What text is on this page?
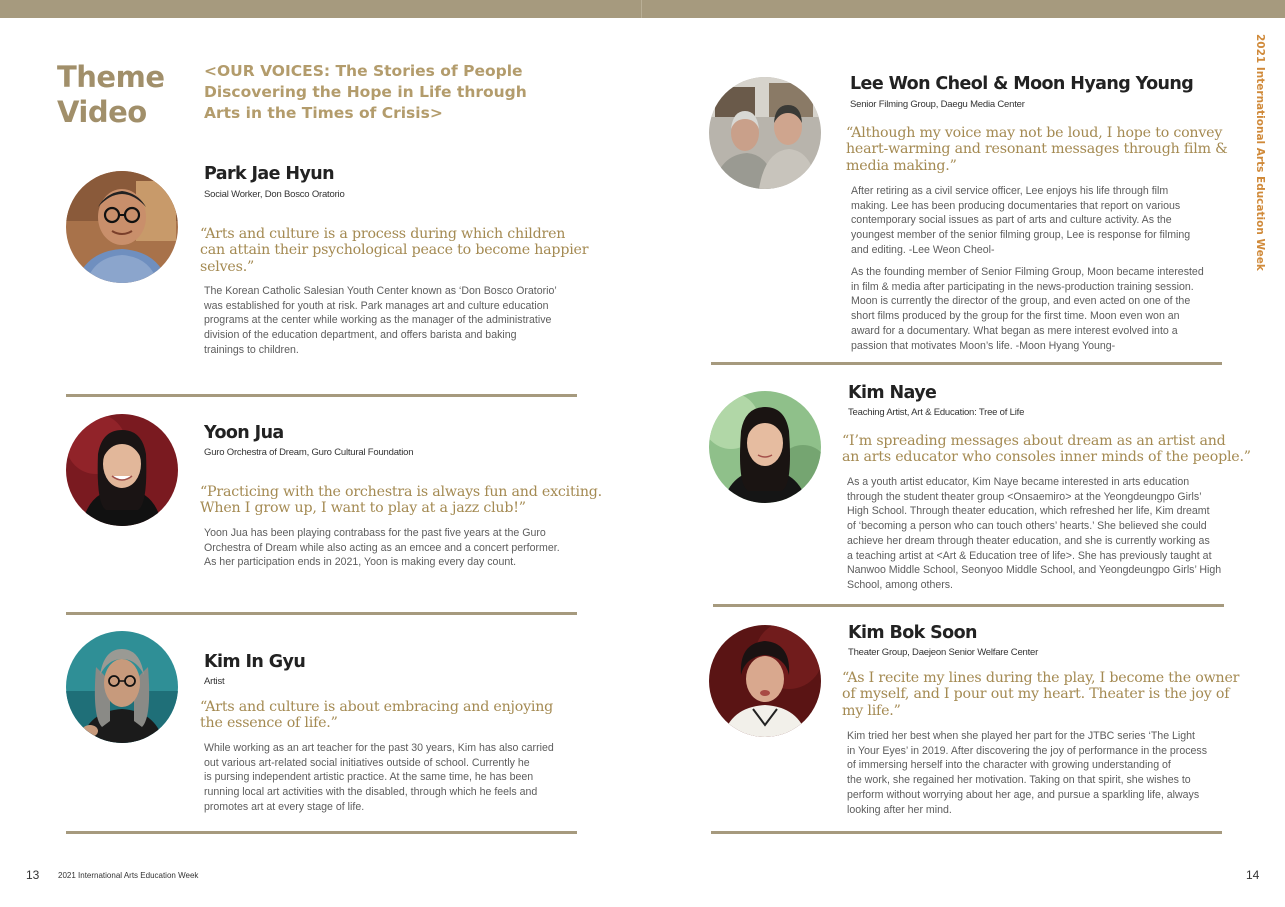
Theme
Video
<OUR VOICES: The Stories of People
Discovering the Hope in Life through
Arts in the Times of Crisis>	2021 International Arts Education Week
Park Jae Hyun
Social Worker, Don Bosco Oratorio
“Arts and culture is a process during which children
can attain their psychological peace to become happier
selves.”
The Korean Catholic Salesian Youth Center known as ‘Don Bosco Oratorio’
was established for youth at risk. Park manages art and culture education
programs at the center while working as the manager of the administrative
division of the education department, and offers barista and baking
trainings to children.
Yoon Jua
Guro Orchestra of Dream, Guro Cultural Foundation
“Practicing with the orchestra is always fun and exciting.
When I grow up, I want to play at a jazz club!”
Yoon Jua has been playing contrabass for the past five years at the Guro
Orchestra of Dream while also acting as an emcee and a concert performer.
As her participation ends in 2021, Yoon is making every day count.
Kim In Gyu
Artist
“Arts and culture is about embracing and enjoying
the essence of life.”
While working as an art teacher for the past 30 years, Kim has also carried
out various art-related social initiatives outside of school. Currently he
is pursing independent artistic practice. At the same time, he has been
running local art activities with the disabled, through which he feels and
promotes art at every stage of life.
Lee Won Cheol & Moon Hyang Young
Senior Filming Group, Daegu Media Center
“Although my voice may not be loud, I hope to convey
heart-warming and resonant messages through film &
media making.”
After retiring as a civil service officer, Lee enjoys his life through film
making. Lee has been producing documentaries that report on various
contemporary social issues as part of arts and culture activity. As the
youngest member of the senior filming group, Lee is response for filming
and editing. -Lee Weon Cheol-
As the founding member of Senior Filming Group, Moon became interested
in film & media after participating in the news-production training session.
Moon is currently the director of the group, and even acted on one of the
short films produced by the group for the first time. Moon even won an
award for a documentary. What began as mere interest evolved into a
passion that motivates Moon’s life. -Moon Hyang Young-
Kim Naye
Teaching Artist, Art & Education: Tree of Life
“I’m spreading messages about dream as an artist and
an arts educator who consoles inner minds of the people.”
As a youth artist educator, Kim Naye became interested in arts education
through the student theater group <Onsaemiro> at the Yeongdeungpo Girls’
High School. Through theater education, which refreshed her life, Kim dreamt
of ‘becoming a person who can touch others’ hearts.’ She believed she could
achieve her dream through theater education, and she is currently working as
a teaching artist at <Art & Education tree of life>. She has previously taught at
Nanwoo Middle School, Seonyoo Middle School, and Yeongdeungpo Girls’ High
School, among others.
Kim Bok Soon
Theater Group, Daejeon Senior Welfare Center
“As I recite my lines during the play, I become the owner
of myself, and I pour out my heart. Theater is the joy of
my life.”
Kim tried her best when she played her part for the JTBC series ‘The Light
in Your Eyes’ in 2019. After discovering the joy of performance in the process
of immersing herself into the character with growing understanding of
the work, she regained her motivation. Taking on that spirit, she wishes to
perform without worrying about her age, and pursue a sparkling life, always
looking after her mind.
13 2021 International Arts Education Week	14
